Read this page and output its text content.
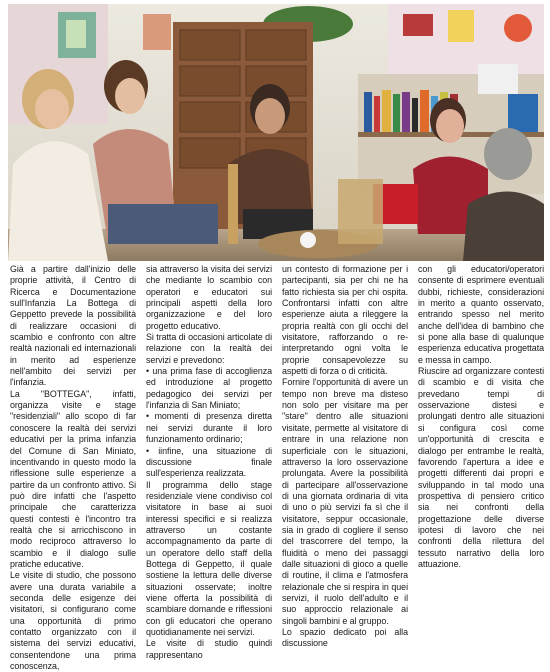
Già a partire dall'inizio delle proprie attività, il Centro di Ricerca e Documentazione sull'Infanzia La Bottega di Geppetto prevede la possibilità di realizzare occasioni di scambio e confronto con altre realtà nazionali ed internazionali in merito ad esperienze nell'ambito dei servizi per l'infanzia.

La "BOTTEGA", infatti, organizza visite e stage "residenziali" allo scopo di far conoscere la realtà dei servizi educativi per la prima infanzia del Comune di San Miniato, incentivando in questo modo la riflessione sulle esperienze a partire da un confronto attivo. Si può dire infatti che l'aspetto principale che caratterizza questi contesti è l'incontro tra realtà che si arricchiscono in modo reciproco attraverso lo scambio e il dialogo sulle pratiche educative.

Le visite di studio, che possono avere una durata variabile a seconda delle esigenze dei visitatori, si configurano come una opportunità di primo contatto organizzato con il sistema dei servizi educativi, consentendone una prima conoscenza,

sia attraverso la visita dei servizi che mediante lo scambio con operatori e educatori sui principali aspetti della loro organizzazione e del loro progetto educativo.

Si tratta di occasioni articolate di relazione con la realtà dei servizi e prevedono:

• una prima fase di accoglienza ed introduzione al progetto pedagogico dei servizi per l'infanzia di San Miniato;

• momenti di presenza diretta nei servizi durante il loro funzionamento ordinario;

• iinfine, una situazione di discussione finale sull'esperienza realizzata.

Il programma dello stage residenziale viene condiviso col visitatore in base ai suoi interessi specifici e si realizza attraverso un costante accompagnamento da parte di un operatore dello staff della Bottega di Geppetto, il quale sostiene la lettura delle diverse situazioni osservate; inoltre viene offerta la possibilità di scambiare domande e riflessioni con gli educatori che operano quotidianamente nei servizi.

Le visite di studio quindi rappresentano

un contesto di formazione per i partecipanti, sia per chi ne ha fatto richiesta sia per chi ospita. Confrontarsi infatti con altre esperienze aiuta a rileggere la propria realtà con gli occhi del visitatore, rafforzando o re-interpretando ogni volta le proprie consapevolezze su aspetti di forza o di criticità.

Fornire l'opportunità di avere un tempo non breve ma disteso non solo per visitare ma per "stare" dentro alle situazioni visitate, permette al visitatore di entrare in una relazione non superficiale con le situazioni, attraverso la loro osservazione prolungata. Avere la possibilità di partecipare all'osservazione di una giornata ordinaria di vita di uno o più servizi fa sì che il visitatore, seppur occasionale, sia in grado di cogliere il senso del trascorrere del tempo, la fluidità o meno dei passaggi dalle situazioni di gioco a quelle di routine, il clima e l'atmosfera relazionale che si respira in quei servizi, il ruolo dell'adulto e il suo approccio relazionale ai singoli bambini e al gruppo.

Lo spazio dedicato poi alla discussione

con gli educatori/operatori consente di esprimere eventuali dubbi, richieste, considerazioni in merito a quanto osservato, entrando spesso nel merito anche dell'idea di bambino che si pone alla base di qualunque esperienza educativa progettata e messa in campo.

Riuscire ad organizzare contesti di scambio e di visita che prevedano tempi di osservazione distesi e prolungati dentro alle situazioni si configura così come un'opportunità di crescita e dialogo per entrambe le realtà, favorendo l'apertura a idee e progetti differenti dai propri e sviluppando in tal modo una prospettiva di pensiero critico sia nei confronti della progettazione delle diverse ipotesi di lavoro che nei confronti della rilettura del tessuto narrativo della loro attuazione.
